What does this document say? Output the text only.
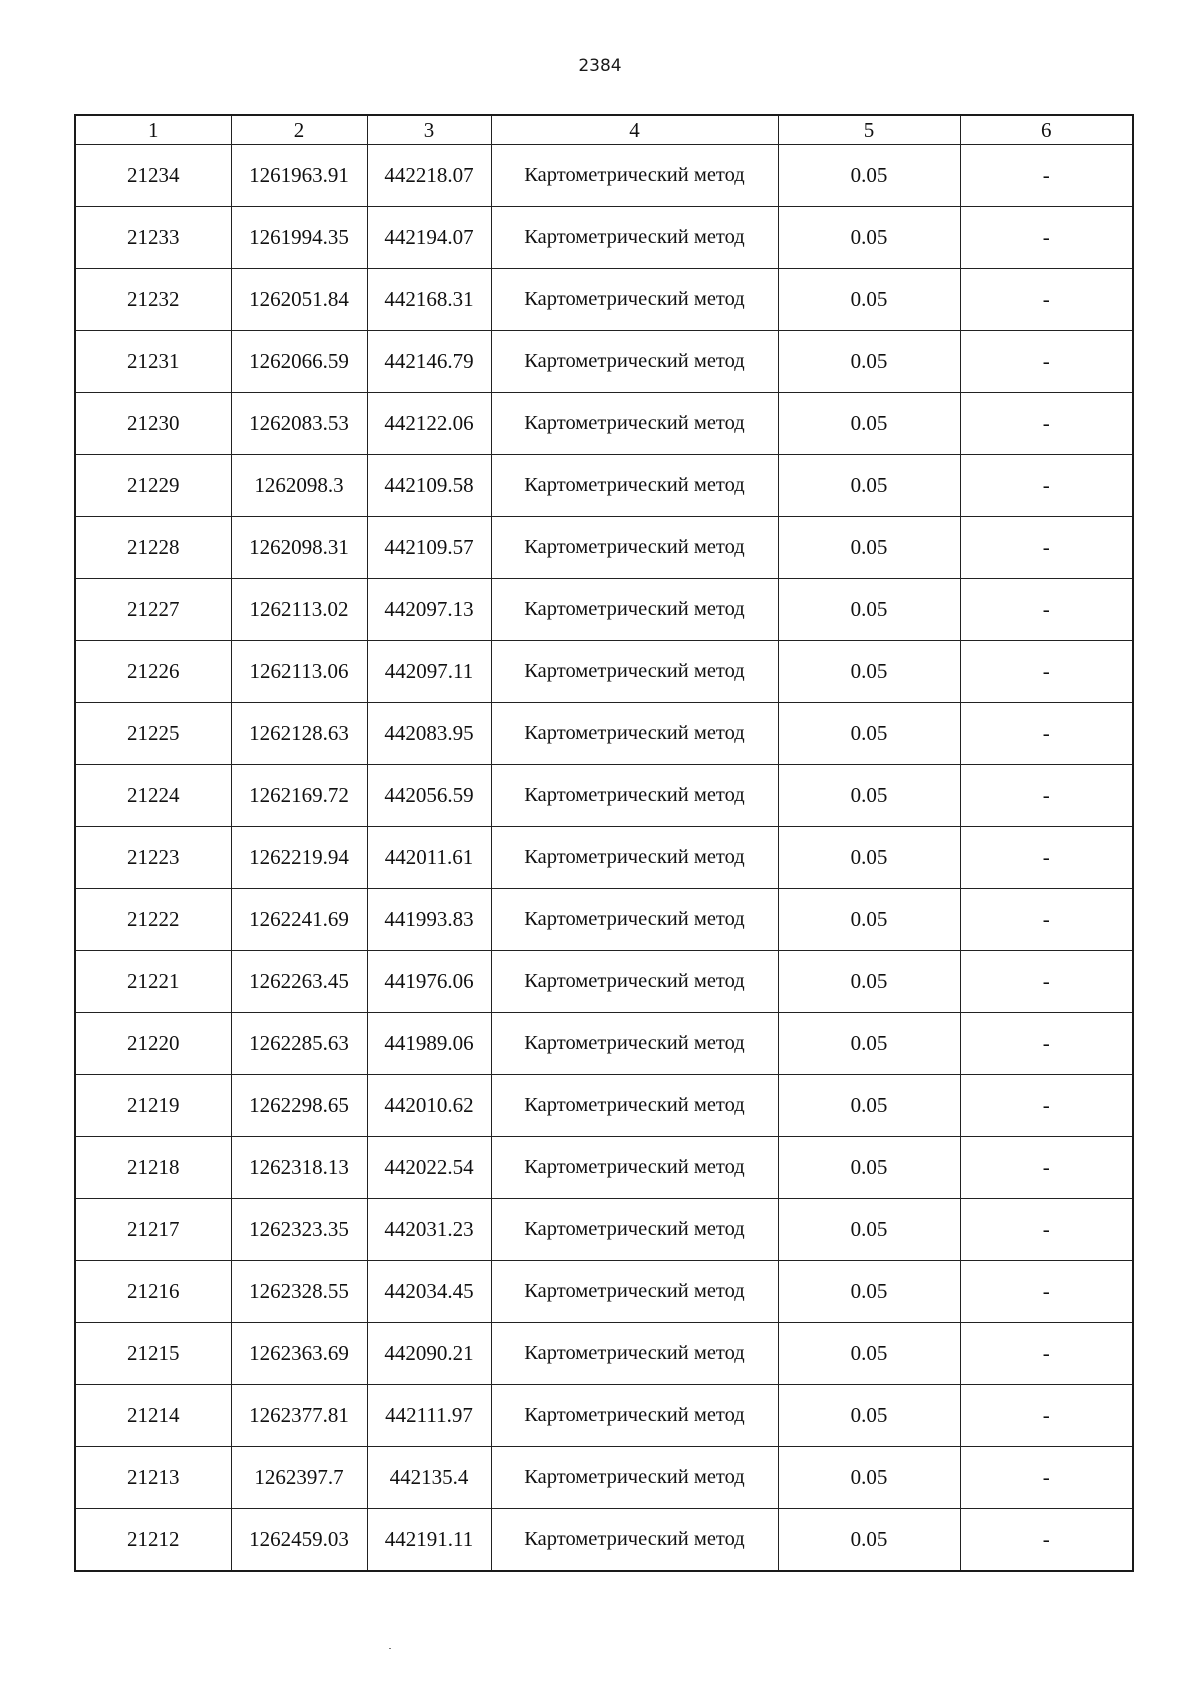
2384
1	2	3	4	5	6
21234	1261963.91	442218.07	Картометрический метод	0.05	-
21233	1261994.35	442194.07	Картометрический метод	0.05	-
21232	1262051.84	442168.31	Картометрический метод	0.05	-
21231	1262066.59	442146.79	Картометрический метод	0.05	-
21230	1262083.53	442122.06	Картометрический метод	0.05	-
21229	1262098.3	442109.58	Картометрический метод	0.05	-
21228	1262098.31	442109.57	Картометрический метод	0.05	-
21227	1262113.02	442097.13	Картометрический метод	0.05	-
21226	1262113.06	442097.11	Картометрический метод	0.05	-
21225	1262128.63	442083.95	Картометрический метод	0.05	-
21224	1262169.72	442056.59	Картометрический метод	0.05	-
21223	1262219.94	442011.61	Картометрический метод	0.05	-
21222	1262241.69	441993.83	Картометрический метод	0.05	-
21221	1262263.45	441976.06	Картометрический метод	0.05	-
21220	1262285.63	441989.06	Картометрический метод	0.05	-
21219	1262298.65	442010.62	Картометрический метод	0.05	-
21218	1262318.13	442022.54	Картометрический метод	0.05	-
21217	1262323.35	442031.23	Картометрический метод	0.05	-
21216	1262328.55	442034.45	Картометрический метод	0.05	-
21215	1262363.69	442090.21	Картометрический метод	0.05	-
21214	1262377.81	442111.97	Картометрический метод	0.05	-
21213	1262397.7	442135.4	Картометрический метод	0.05	-
21212	1262459.03	442191.11	Картометрический метод	0.05	-
